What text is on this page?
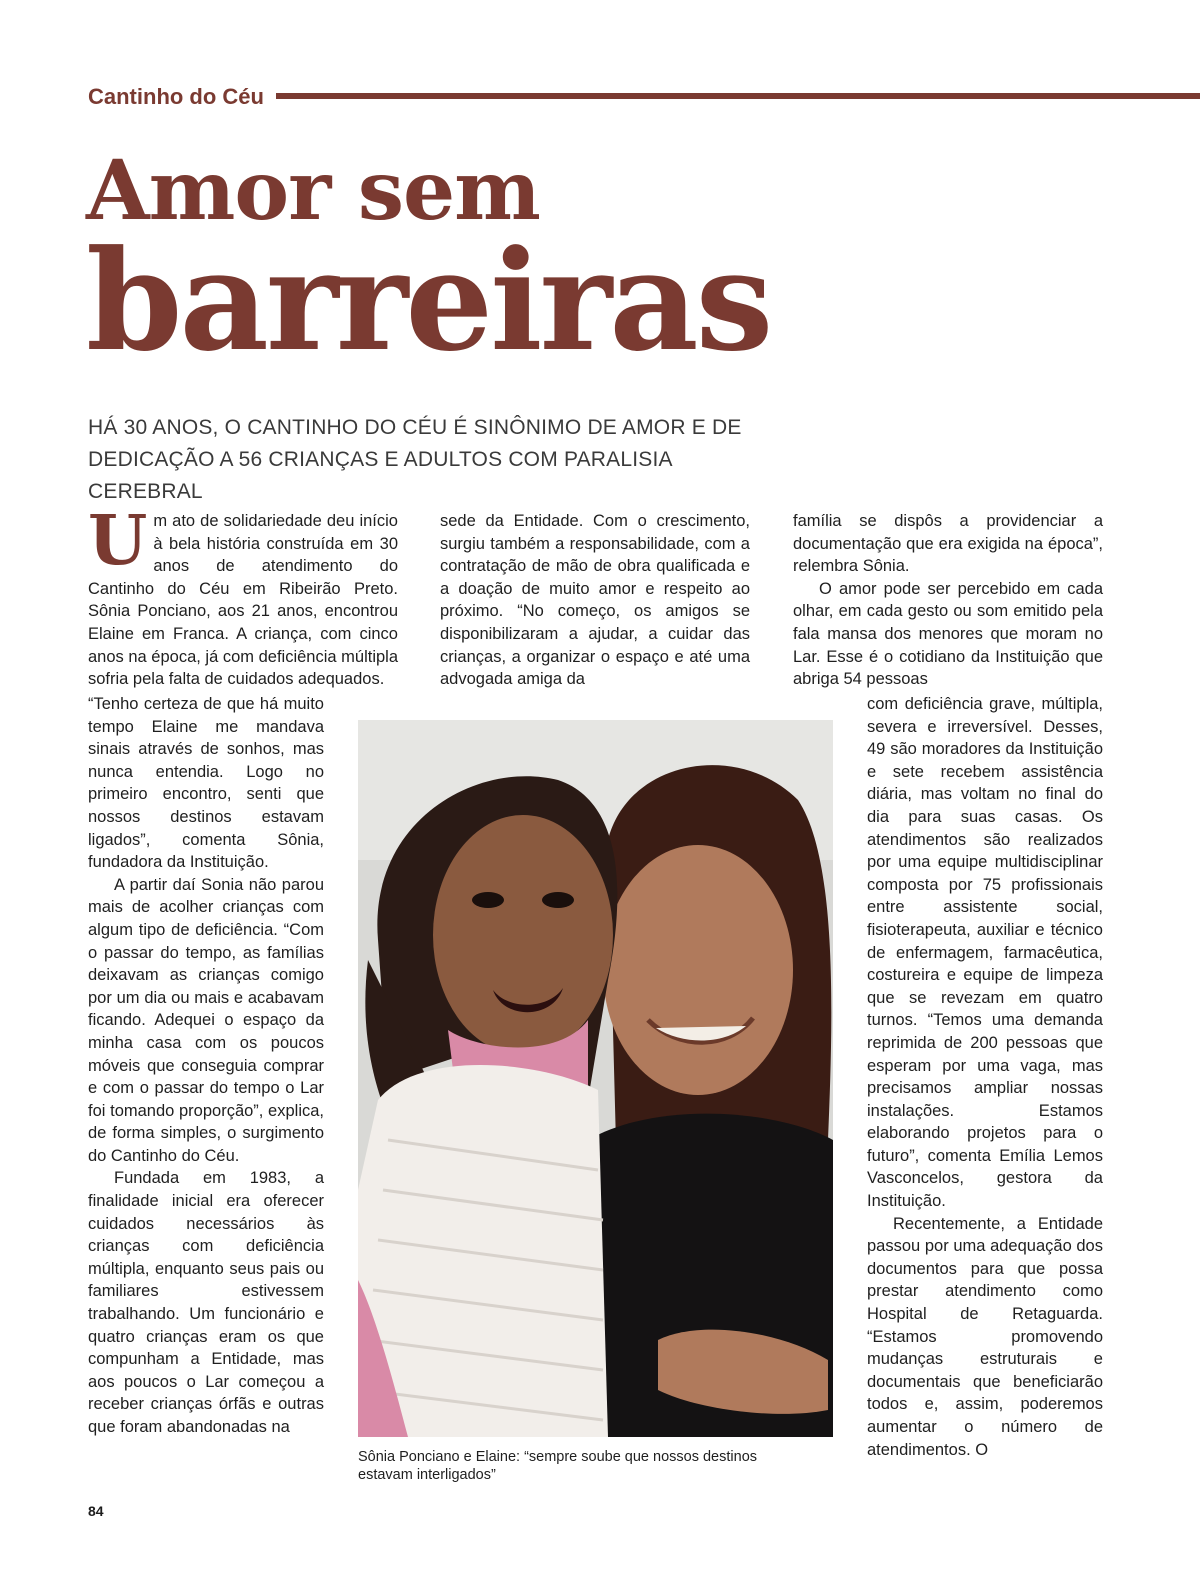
Cantinho do Céu
Amor sem
barreiras
HÁ 30 ANOS, O CANTINHO DO CÉU É SINÔNIMO DE AMOR E DE DEDICAÇÃO A 56 CRIANÇAS E ADULTOS COM PARALISIA CEREBRAL

Um ato de solidariedade deu início à bela história construída em 30 anos de atendimento do Cantinho do Céu em Ribeirão Preto. Sônia Ponciano, aos 21 anos, encontrou Elaine em Franca. A criança, com cinco anos na época, já com deficiência múltipla sofria pela falta de cuidados adequados.

“Tenho certeza de que há muito tempo Elaine me mandava sinais através de sonhos, mas nunca entendia. Logo no primeiro encontro, senti que nossos destinos estavam ligados”, comenta Sônia, fundadora da Instituição.

A partir daí Sonia não parou mais de acolher crianças com algum tipo de deficiência. “Com o passar do tempo, as famílias deixavam as crianças comigo por um dia ou mais e acabavam ficando. Adequei o espaço da minha casa com os poucos móveis que conseguia comprar e com o passar do tempo o Lar foi tomando proporção”, explica, de forma simples, o surgimento do Cantinho do Céu.

Fundada em 1983, a finalidade inicial era oferecer cuidados necessários às crianças com deficiência múltipla, enquanto seus pais ou familiares estivessem trabalhando. Um funcionário e quatro crianças eram os que compunham a Entidade, mas aos poucos o Lar começou a receber crianças órfãs e outras que foram abandonadas na

sede da Entidade. Com o crescimento, surgiu também a responsabilidade, com a contratação de mão de obra qualificada e a doação de muito amor e respeito ao próximo. “No começo, os amigos se disponibilizaram a ajudar, a cuidar das crianças, a organizar o espaço e até uma advogada amiga da

família se dispôs a providenciar a documentação que era exigida na época”, relembra Sônia.

O amor pode ser percebido em cada olhar, em cada gesto ou som emitido pela fala mansa dos menores que moram no Lar. Esse é o cotidiano da Instituição que abriga 54 pessoas

com deficiência grave, múltipla, severa e irreversível. Desses, 49 são moradores da Instituição e sete recebem assistência diária, mas voltam no final do dia para suas casas. Os atendimentos são realizados por uma equipe multidisciplinar composta por 75 profissionais entre assistente social, fisioterapeuta, auxiliar e técnico de enfermagem, farmacêutica, costureira e equipe de limpeza que se revezam em quatro turnos. “Temos uma demanda reprimida de 200 pessoas que esperam por uma vaga, mas precisamos ampliar nossas instalações. Estamos elaborando projetos para o futuro”, comenta Emília Lemos Vasconcelos, gestora da Instituição.

Recentemente, a Entidade passou por uma adequação dos documentos para que possa prestar atendimento como Hospital de Retaguarda. “Estamos promovendo mudanças estruturais e documentais que beneficiarão todos e, assim, poderemos aumentar o número de atendimentos. O

Sônia Ponciano e Elaine: “sempre soube que nossos destinos estavam interligados”
84
